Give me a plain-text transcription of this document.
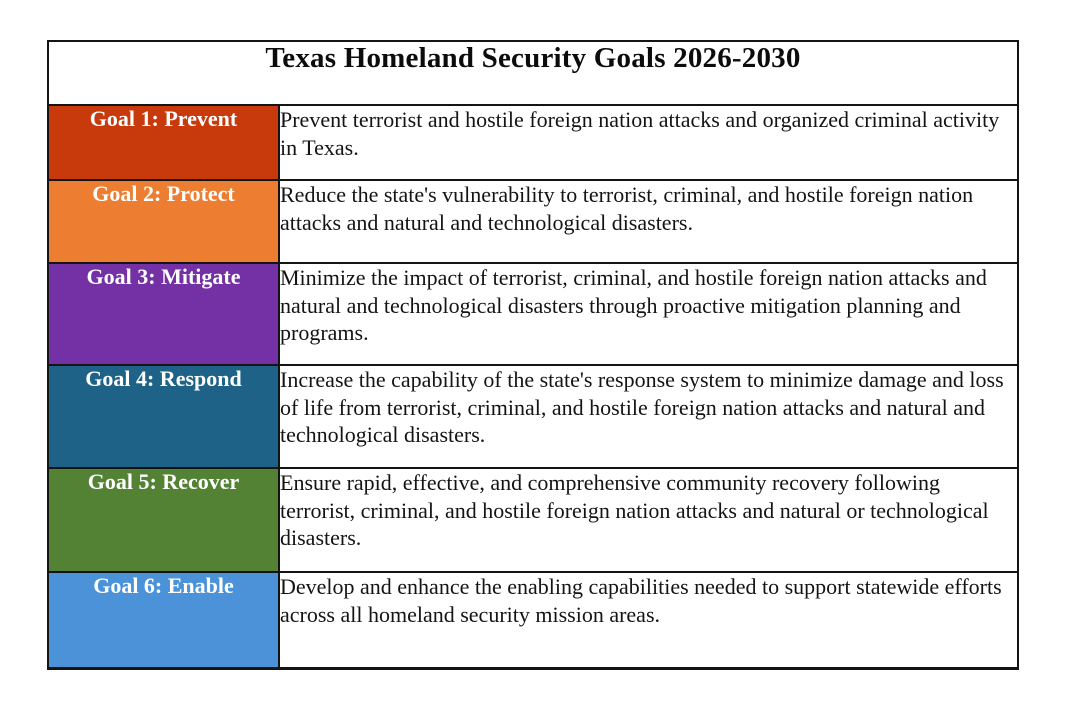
Texas Homeland Security Goals 2026-2030	
Goal 1: Prevent	Prevent terrorist and hostile foreign nation attacks and organized criminal activity in Texas.
Goal 2: Protect	Reduce the state's vulnerability to terrorist, criminal, and hostile foreign nation attacks and natural and technological disasters.
Goal 3: Mitigate	Minimize the impact of terrorist, criminal, and hostile foreign nation attacks and natural and technological disasters through proactive mitigation planning and programs.
Goal 4: Respond	Increase the capability of the state's response system to minimize damage and loss of life from terrorist, criminal, and hostile foreign nation attacks and natural and technological disasters.
Goal 5: Recover	Ensure rapid, effective, and comprehensive community recovery following terrorist, criminal, and hostile foreign nation attacks and natural or technological disasters.
Goal 6: Enable	Develop and enhance the enabling capabilities needed to support statewide efforts across all homeland security mission areas.
